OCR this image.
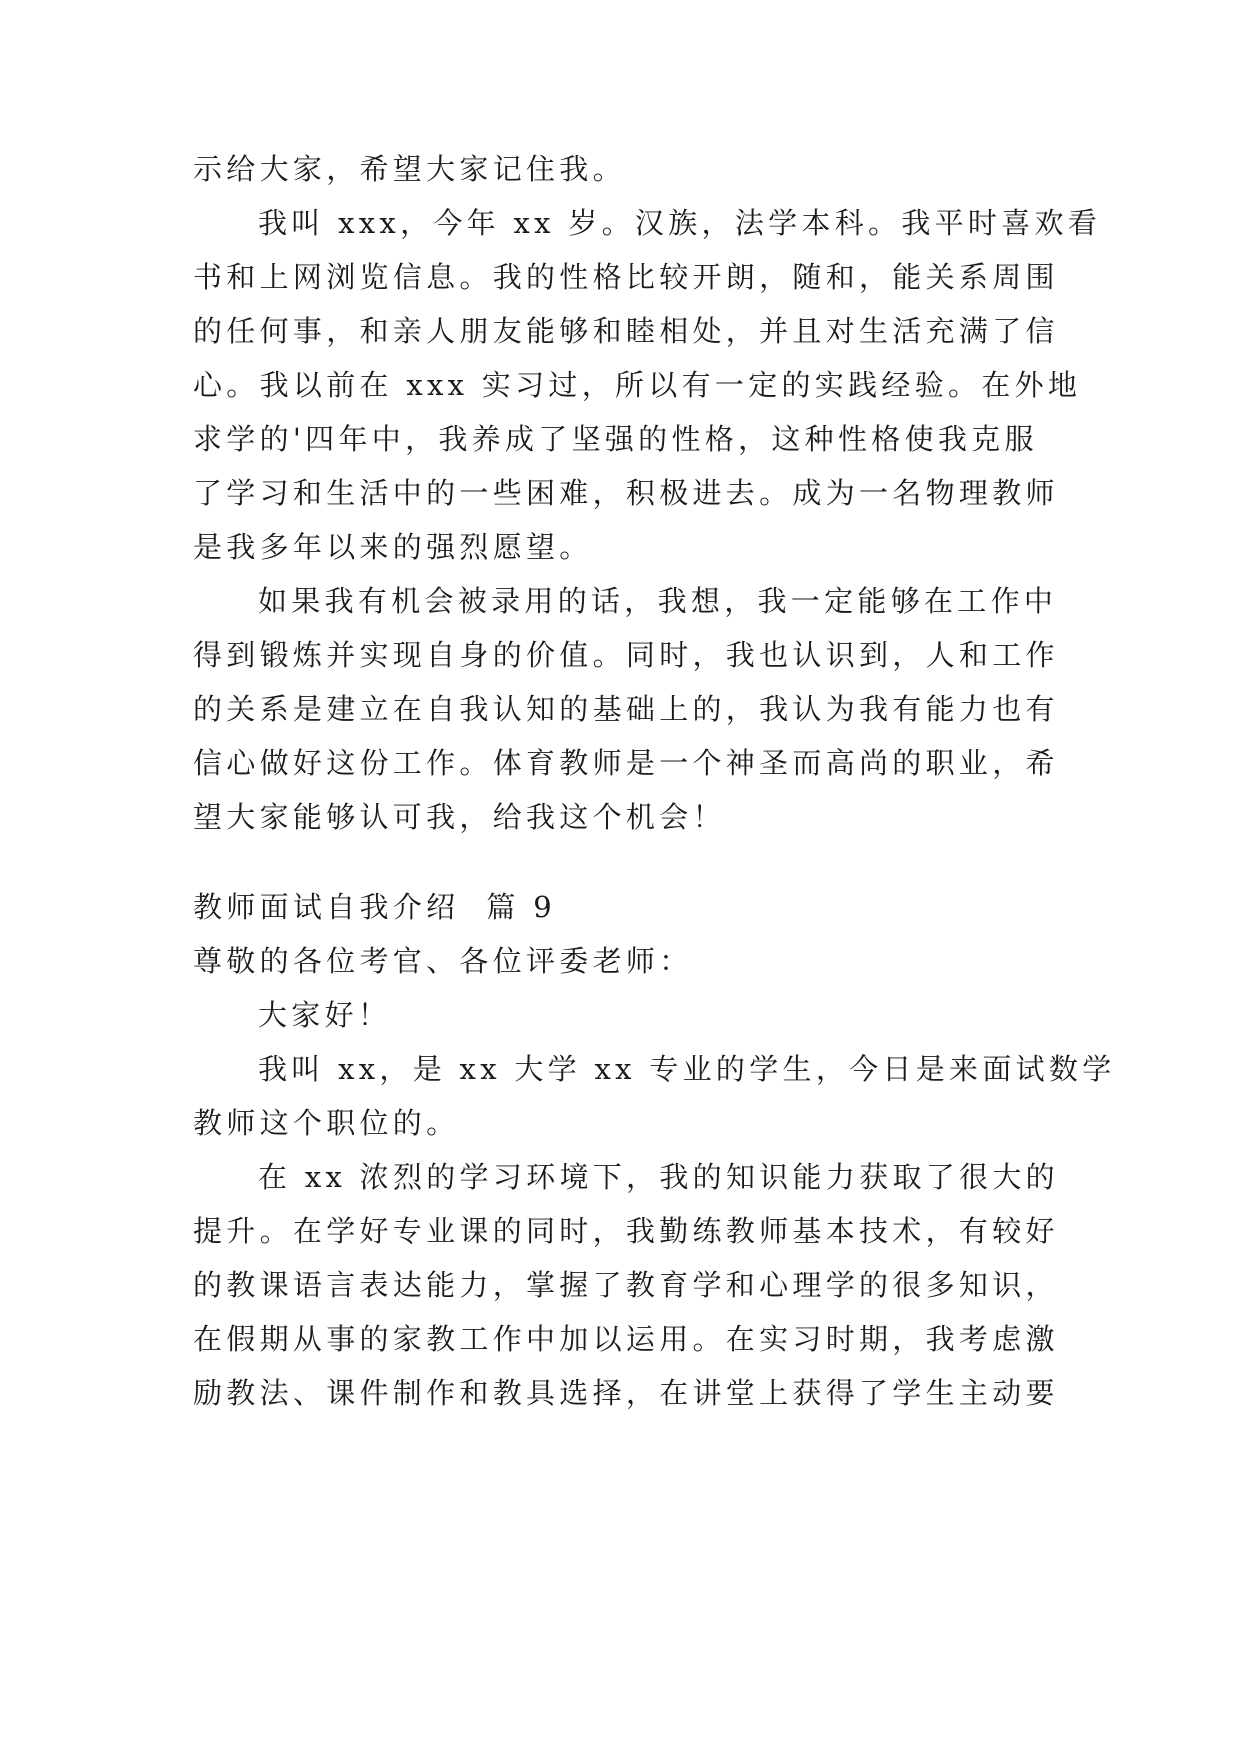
示给大家，希望大家记住我。
我叫 xxx，今年 xx 岁。汉族，法学本科。我平时喜欢看
书和上网浏览信息。我的性格比较开朗，随和，能关系周围
的任何事，和亲人朋友能够和睦相处，并且对生活充满了信
心。我以前在 xxx 实习过，所以有一定的实践经验。在外地
求学的'四年中，我养成了坚强的性格，这种性格使我克服
了学习和生活中的一些困难，积极进去。成为一名物理教师
是我多年以来的强烈愿望。
如果我有机会被录用的话，我想，我一定能够在工作中
得到锻炼并实现自身的价值。同时，我也认识到，人和工作
的关系是建立在自我认知的基础上的，我认为我有能力也有
信心做好这份工作。体育教师是一个神圣而高尚的职业，希
望大家能够认可我，给我这个机会！
教师面试自我介绍  篇 9
尊敬的各位考官、各位评委老师：
大家好！
我叫 xx，是 xx 大学 xx 专业的学生，今日是来面试数学
教师这个职位的。
在 xx 浓烈的学习环境下，我的知识能力获取了很大的
提升。在学好专业课的同时，我勤练教师基本技术，有较好
的教课语言表达能力，掌握了教育学和心理学的很多知识，
在假期从事的家教工作中加以运用。在实习时期，我考虑激
励教法、课件制作和教具选择，在讲堂上获得了学生主动要
